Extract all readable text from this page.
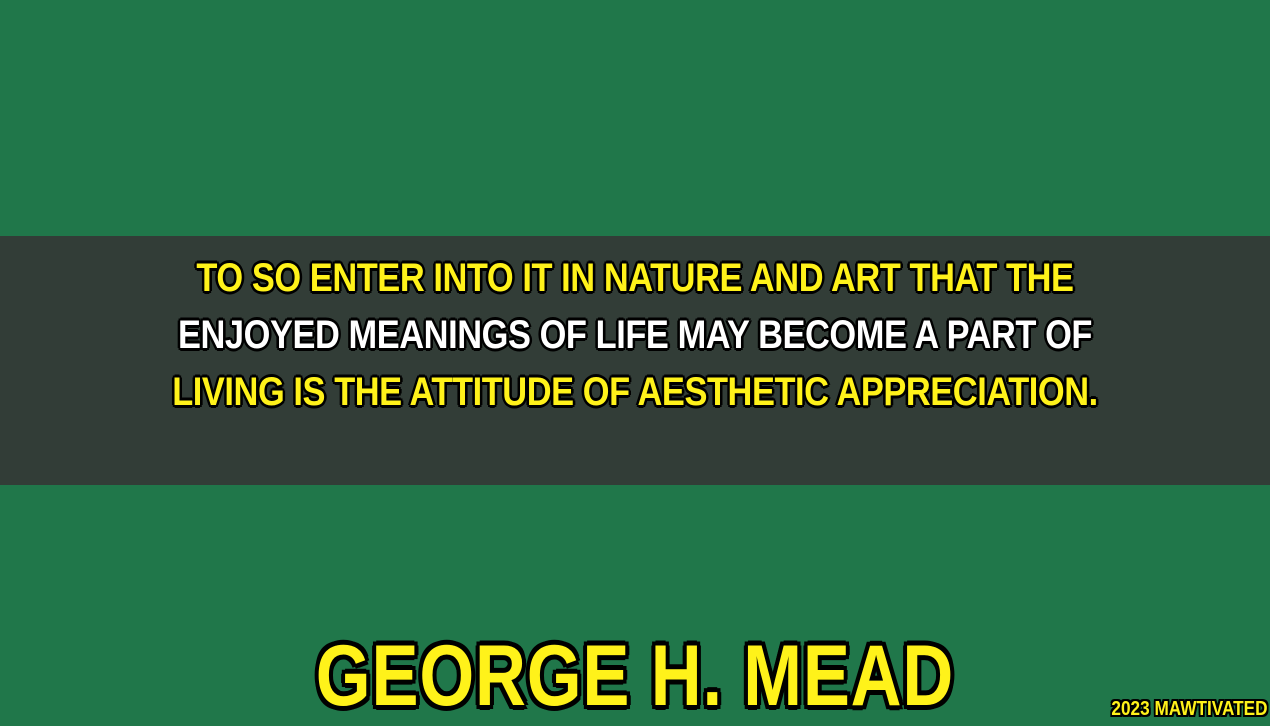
TO SO ENTER INTO IT IN NATURE AND ART THAT THE
ENJOYED MEANINGS OF LIFE MAY BECOME A PART OF
LIVING IS THE ATTITUDE OF AESTHETIC APPRECIATION.

GEORGE H. MEAD	2023 MAWTIVATED
